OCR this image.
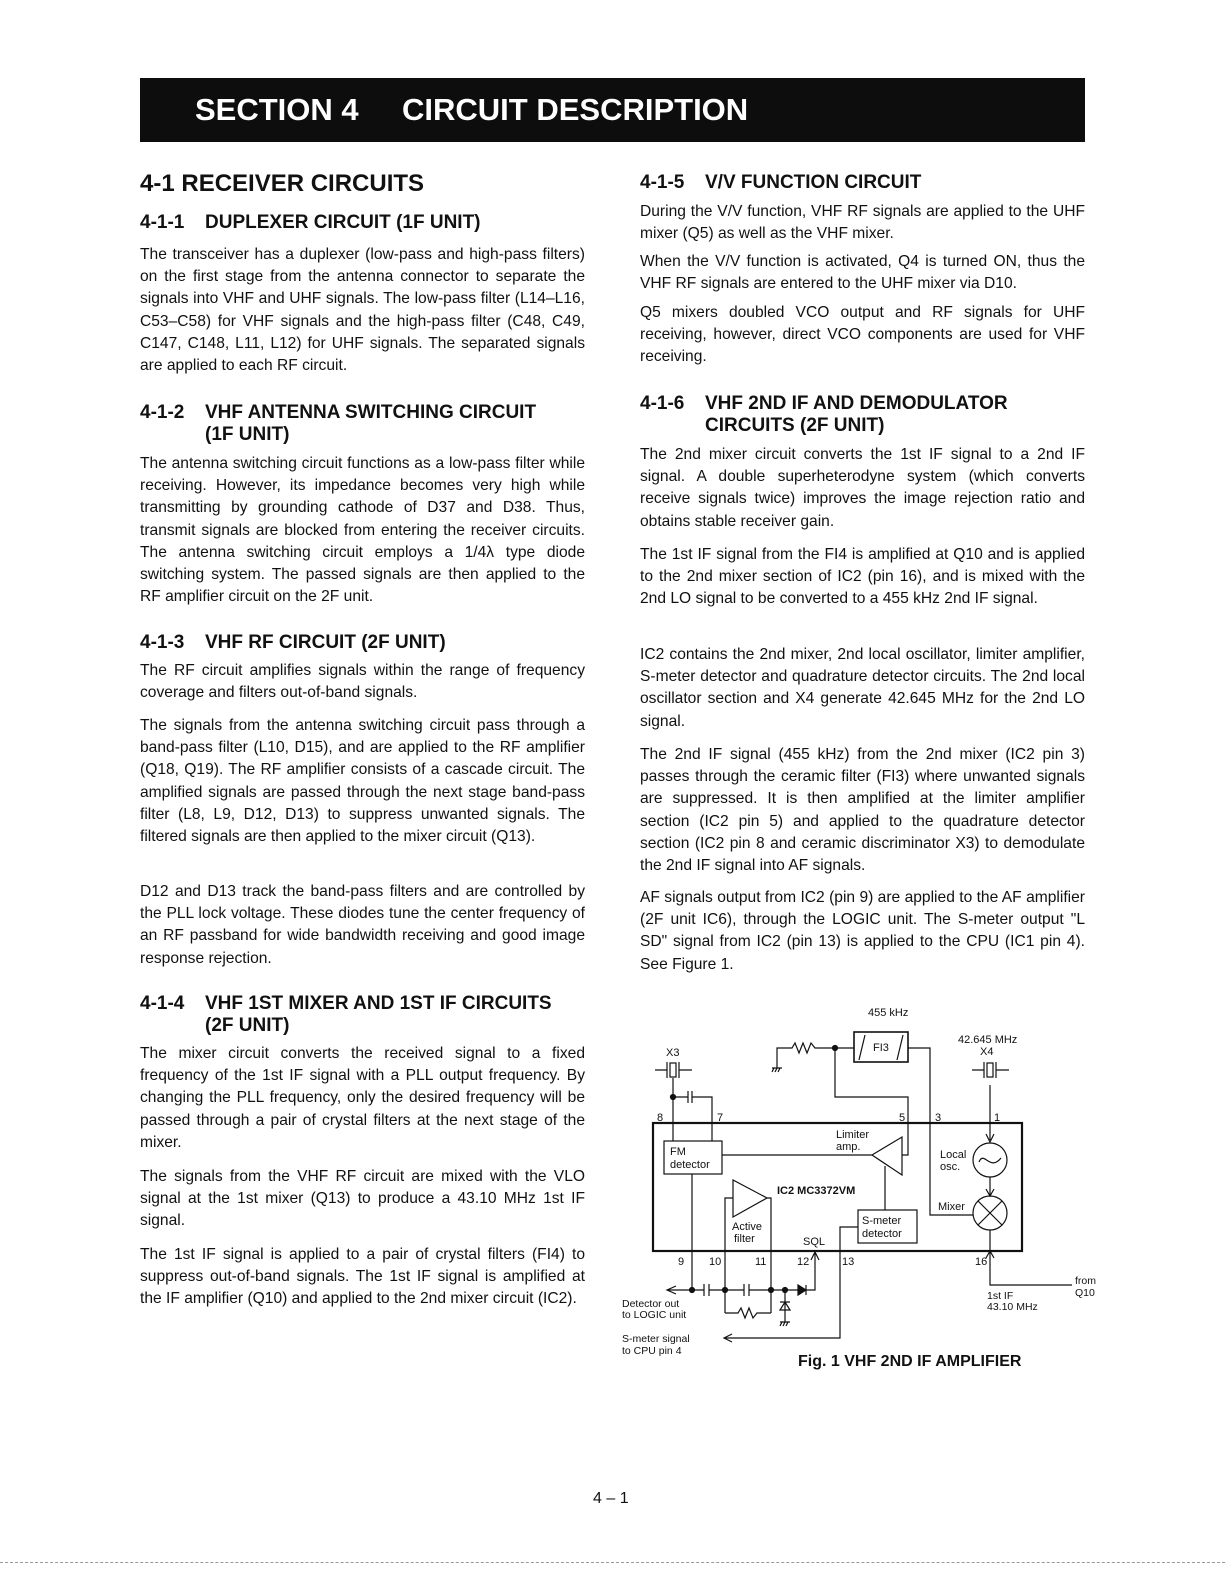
SECTION 4 CIRCUIT DESCRIPTION
4-1 RECEIVER CIRCUITS
4-1-1 DUPLEXER CIRCUIT (1F UNIT)
The transceiver has a duplexer (low-pass and high-pass filters) on the first stage from the antenna connector to separate the signals into VHF and UHF signals. The low-pass filter (L14–L16, C53–C58) for VHF signals and the high-pass filter (C48, C49, C147, C148, L11, L12) for UHF signals. The separated signals are applied to each RF circuit.
4-1-2 VHF ANTENNA SWITCHING CIRCUIT
(1F UNIT)
The antenna switching circuit functions as a low-pass filter while receiving. However, its impedance becomes very high while transmitting by grounding cathode of D37 and D38. Thus, transmit signals are blocked from entering the receiver circuits. The antenna switching circuit employs a 1/4λ type diode switching system. The passed signals are then applied to the RF amplifier circuit on the 2F unit.
4-1-3 VHF RF CIRCUIT (2F UNIT)
The RF circuit amplifies signals within the range of frequency coverage and filters out-of-band signals.
The signals from the antenna switching circuit pass through a band-pass filter (L10, D15), and are applied to the RF amplifier (Q18, Q19). The RF amplifier consists of a cascade circuit. The amplified signals are passed through the next stage band-pass filter (L8, L9, D12, D13) to suppress unwanted signals. The filtered signals are then applied to the mixer circuit (Q13).
D12 and D13 track the band-pass filters and are controlled by the PLL lock voltage. These diodes tune the center frequency of an RF passband for wide bandwidth receiving and good image response rejection.
4-1-4 VHF 1ST MIXER AND 1ST IF CIRCUITS
(2F UNIT)
The mixer circuit converts the received signal to a fixed frequency of the 1st IF signal with a PLL output frequency. By changing the PLL frequency, only the desired frequency will be passed through a pair of crystal filters at the next stage of the mixer.
The signals from the VHF RF circuit are mixed with the VLO signal at the 1st mixer (Q13) to produce a 43.10 MHz 1st IF signal.
The 1st IF signal is applied to a pair of crystal filters (FI4) to suppress out-of-band signals. The 1st IF signal is amplified at the IF amplifier (Q10) and applied to the 2nd mixer circuit (IC2).
4-1-5 V/V FUNCTION CIRCUIT
During the V/V function, VHF RF signals are applied to the UHF mixer (Q5) as well as the VHF mixer.
When the V/V function is activated, Q4 is turned ON, thus the VHF RF signals are entered to the UHF mixer via D10.
Q5 mixers doubled VCO output and RF signals for UHF receiving, however, direct VCO components are used for VHF receiving.
4-1-6 VHF 2ND IF AND DEMODULATOR
CIRCUITS (2F UNIT)
The 2nd mixer circuit converts the 1st IF signal to a 2nd IF signal. A double superheterodyne system (which converts receive signals twice) improves the image rejection ratio and obtains stable receiver gain.
The 1st IF signal from the FI4 is amplified at Q10 and is applied to the 2nd mixer section of IC2 (pin 16), and is mixed with the 2nd LO signal to be converted to a 455 kHz 2nd IF signal.
IC2 contains the 2nd mixer, 2nd local oscillator, limiter amplifier, S-meter detector and quadrature detector circuits. The 2nd local oscillator section and X4 generate 42.645 MHz for the 2nd LO signal.
The 2nd IF signal (455 kHz) from the 2nd mixer (IC2 pin 3) passes through the ceramic filter (FI3) where unwanted signals are suppressed. It is then amplified at the limiter amplifier section (IC2 pin 5) and applied to the quadrature detector section (IC2 pin 8 and ceramic discriminator X3) to demodulate the 2nd IF signal into AF signals.
AF signals output from IC2 (pin 9) are applied to the AF amplifier (2F unit IC6), through the LOGIC unit. The S-meter output "L SD" signal from IC2 (pin 13) is applied to the CPU (IC1 pin 4). See Figure 1.
455 kHz
FI3
X3
42.645 MHz
X4
8	7	5	3	1
9 10	11	12	13	16
FM
detector
Limiter
amp.
IC2 MC3372VM
Local
osc.
Mixer
Active
filter	SQL
S-meter
detector
Detector out
to LOGIC unit
S-meter signal
to CPU pin 4
1st IF
43.10 MHz
from
Q10
Fig. 1 VHF 2ND IF AMPLIFIER
4 – 1
